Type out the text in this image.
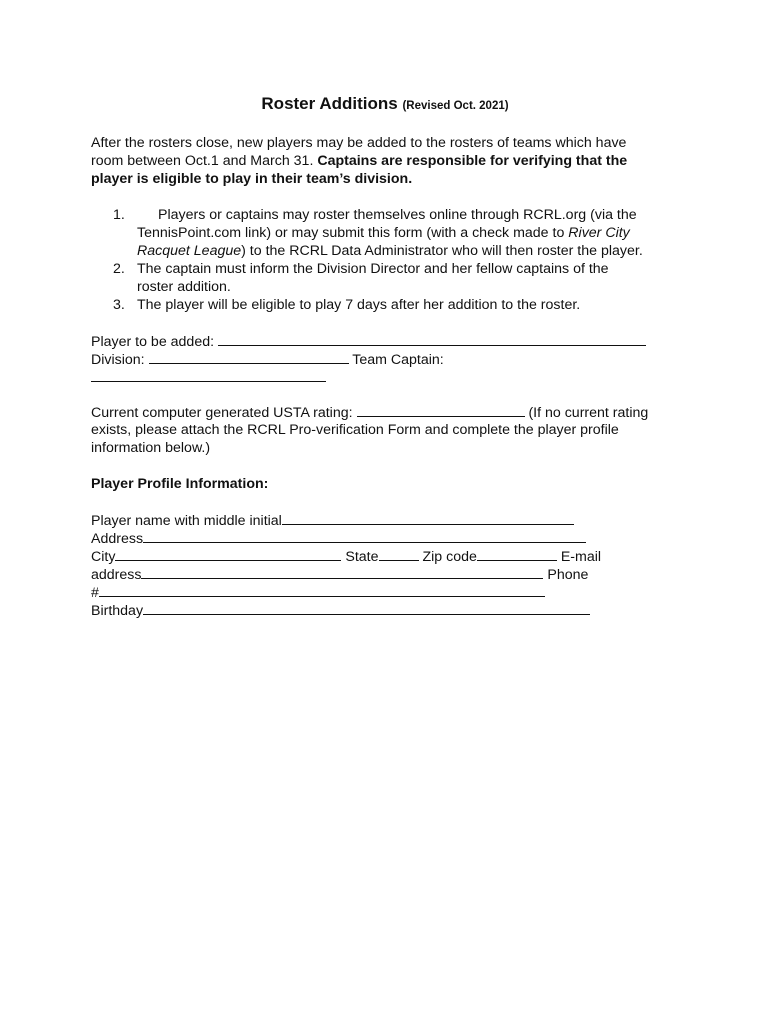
Roster Additions (Revised Oct. 2021)
After the rosters close, new players may be added to the rosters of teams which have
room between Oct.1 and March 31. Captains are responsible for verifying that the
player is eligible to play in their team’s division.
1. Players or captains may roster themselves online through RCRL.org (via the
TennisPoint.com link) or may submit this form (with a check made to River City
Racquet League) to the RCRL Data Administrator who will then roster the player.
2. The captain must inform the Division Director and her fellow captains of the
roster addition.
3. The player will be eligible to play 7 days after her addition to the roster.
Player to be added:
Division:	Team Captain:
Current computer generated USTA rating:	(If no current rating
exists, please attach the RCRL Pro-verification Form and complete the player profile
information below.)
Player Profile Information:
Player name with middle initial
Address
City	State	Zip code	E-mail
address	Phone
#
Birthday
